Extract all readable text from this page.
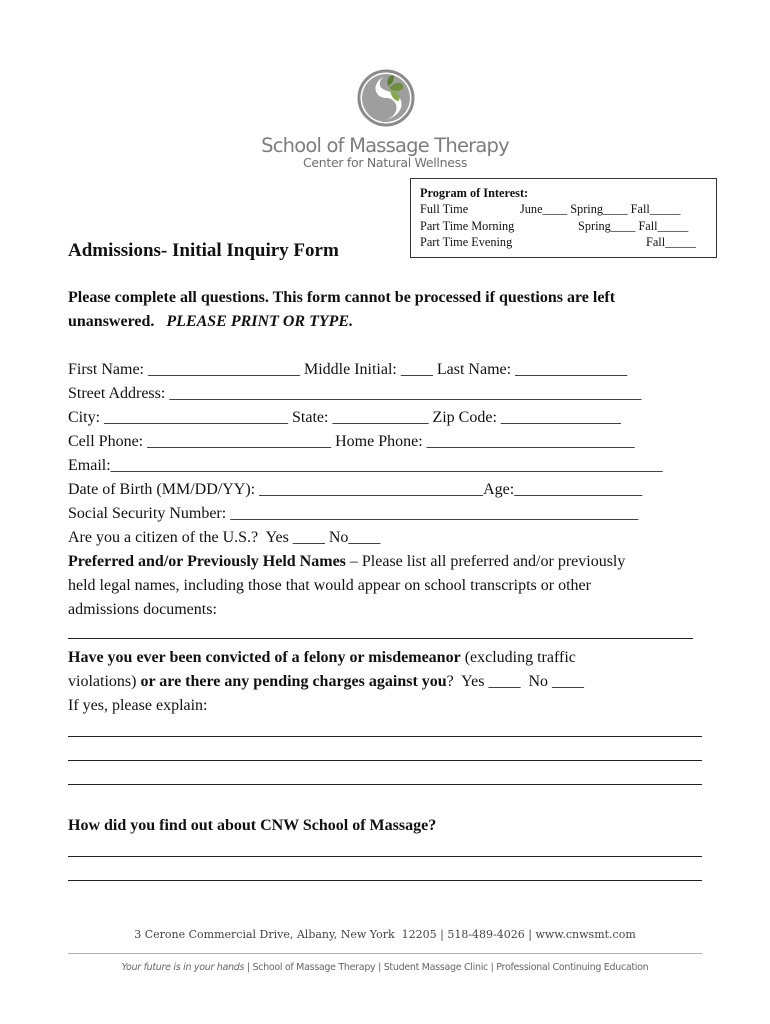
School of Massage Therapy
Center for Natural Wellness
Program of Interest:
Full Time	June____ Spring____ Fall_____
Part Time Morning	Spring____ Fall_____
Part Time Evening	Fall_____
Admissions- Initial Inquiry Form
Please complete all questions. This form cannot be processed if questions are left unanswered. PLEASE PRINT OR TYPE.
First Name: ___________________ Middle Initial: ____ Last Name: ______________
Street Address: ___________________________________________________________
City: _______________________ State: ____________ Zip Code: _______________
Cell Phone: _______________________ Home Phone: __________________________
Email:_____________________________________________________________________
Date of Birth (MM/DD/YY): ____________________________Age:________________
Social Security Number: ___________________________________________________
Are you a citizen of the U.S.?  Yes ____ No____
Preferred and/or Previously Held Names – Please list all preferred and/or previously
held legal names, including those that would appear on school transcripts or other
admissions documents:
Have you ever been convicted of a felony or misdemeanor (excluding traffic
violations) or are there any pending charges against you?  Yes ____  No ____
If yes, please explain:
How did you find out about CNW School of Massage?
3 Cerone Commercial Drive, Albany, New York  12205 | 518-489-4026 | www.cnwsmt.com
Your future is in your hands | School of Massage Therapy | Student Massage Clinic | Professional Continuing Education
